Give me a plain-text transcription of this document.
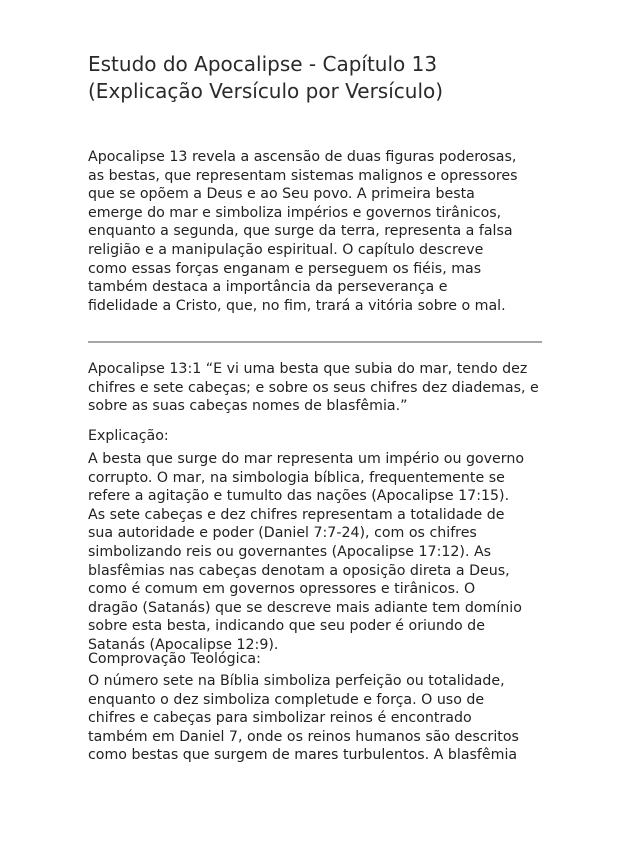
Estudo do Apocalipse - Capítulo 13
(Explicação Versículo por Versículo)
Apocalipse 13 revela a ascensão de duas figuras poderosas,
as bestas, que representam sistemas malignos e opressores
que se opõem a Deus e ao Seu povo. A primeira besta
emerge do mar e simboliza impérios e governos tirânicos,
enquanto a segunda, que surge da terra, representa a falsa
religião e a manipulação espiritual. O capítulo descreve
como essas forças enganam e perseguem os fiéis, mas
também destaca a importância da perseverança e
fidelidade a Cristo, que, no fim, trará a vitória sobre o mal.
Apocalipse 13:1 “E vi uma besta que subia do mar, tendo dez
chifres e sete cabeças; e sobre os seus chifres dez diademas, e
sobre as suas cabeças nomes de blasfêmia.”
Explicação:
A besta que surge do mar representa um império ou governo
corrupto. O mar, na simbologia bíblica, frequentemente se
refere a agitação e tumulto das nações (Apocalipse 17:15).
As sete cabeças e dez chifres representam a totalidade de
sua autoridade e poder (Daniel 7:7-24), com os chifres
simbolizando reis ou governantes (Apocalipse 17:12). As
blasfêmias nas cabeças denotam a oposição direta a Deus,
como é comum em governos opressores e tirânicos. O
dragão (Satanás) que se descreve mais adiante tem domínio
sobre esta besta, indicando que seu poder é oriundo de
Satanás (Apocalipse 12:9).
Comprovação Teológica:
O número sete na Bíblia simboliza perfeição ou totalidade,
enquanto o dez simboliza completude e força. O uso de
chifres e cabeças para simbolizar reinos é encontrado
também em Daniel 7, onde os reinos humanos são descritos
como bestas que surgem de mares turbulentos. A blasfêmia
